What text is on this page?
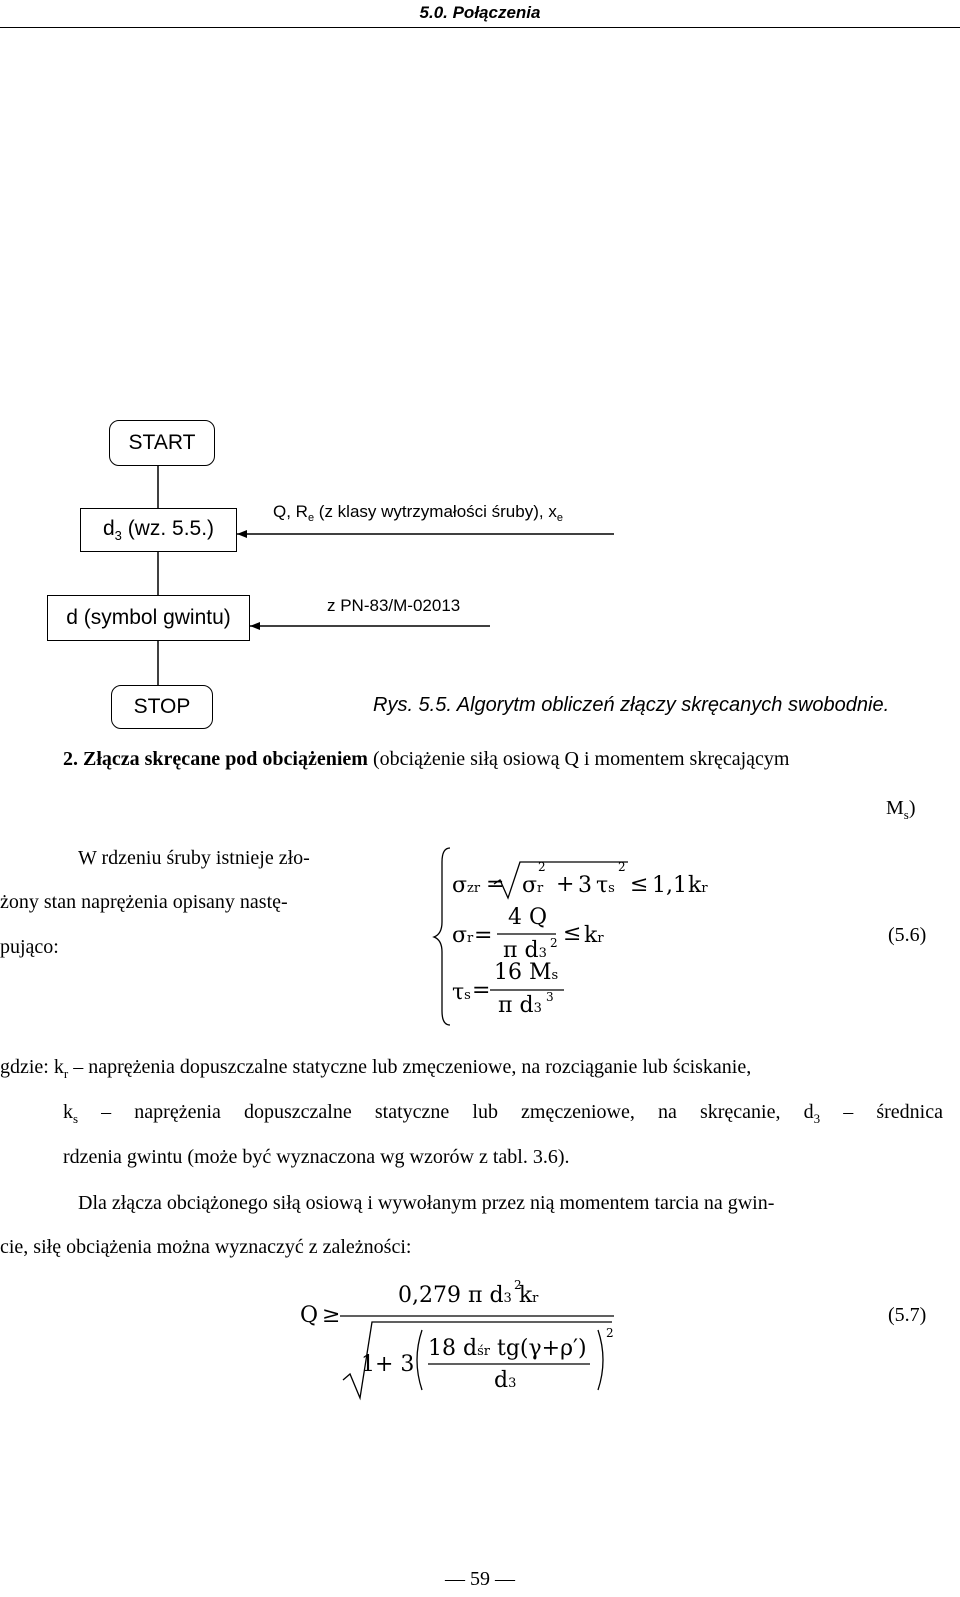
5.0. Połączenia
START
$d_3$ (wz. 5.5.)
Q, $R_e$ (z klasy wytrzymałości śruby), $x_e$
d (symbol gwintu)
z PN-83/M-02013
STOP	Rys. 5.5. Algorytm obliczeń złączy skręcanych swobodnie.
2. Złącza skręcane pod obciążeniem (obciążenie siłą osiową Q i momentem skręcającym
$M_s$)
W rdzeniu śruby istnieje zło-
żony stan naprężenia opisany nastę-
pująco:
σzr = σr
2
+ 3 τs
2
≤ 1,1 kr
σr =
4 Q
π d3
2 ≤ kr
τs =
16 Ms
π d3
3
(5.6)
gdzie: $k_r$ – naprężenia dopuszczalne statyczne lub zmęczeniowe, na rozciąganie lub ściskanie,
$k_s$ – naprężenia dopuszczalne statyczne lub zmęczeniowe, na skręcanie, $d_3$ – średnica
rdzenia gwintu (może być wyznaczona wg wzorów z tabl. 3.6).
Dla złącza obciążonego siłą osiową i wywołanym przez nią momentem tarcia na gwin-
cie, siłę obciążenia można wyznaczyć z zależności:
Q ≥
0,279 π d3 kr
2
1+ 3
18 dśr tg(γ+ρ′)
d3
2
(5.7)
— 59 —
